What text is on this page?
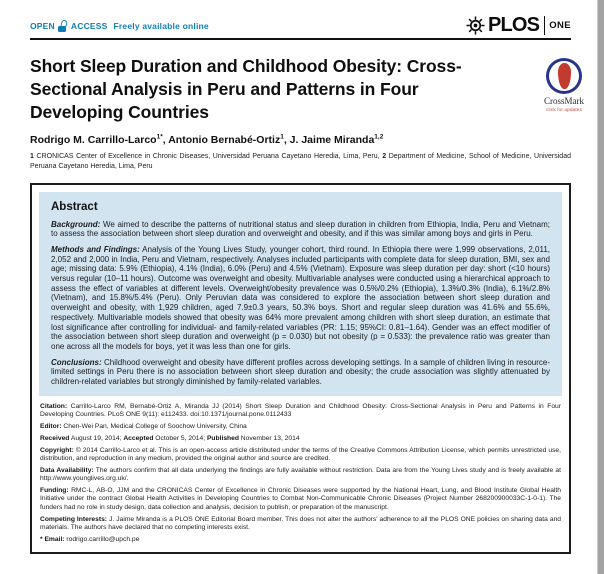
OPEN ACCESS Freely available online	PLOS ONE
Short Sleep Duration and Childhood Obesity: Cross-
Sectional Analysis in Peru and Patterns in Four
Developing Countries
Rodrigo M. Carrillo-Larco$^{1*}$, Antonio Bernabé-Ortiz$^1$, J. Jaime Miranda$^{1,2}$
1 CRONICAS Center of Excellence in Chronic Diseases, Universidad Peruana Cayetano Heredia, Lima, Peru, 2 Department of Medicine, School of Medicine, Universidad Peruana Cayetano Heredia, Lima, Peru
Abstract

Background: We aimed to describe the patterns of nutritional status and sleep duration in children from Ethiopia, India, Peru and Vietnam; to assess the association between short sleep duration and overweight and obesity, and if this was similar among boys and girls in Peru.

Methods and Findings: Analysis of the Young Lives Study, younger cohort, third round. In Ethiopia there were 1,999 observations, 2,011, 2,052 and 2,000 in India, Peru and Vietnam, respectively. Analyses included participants with complete data for sleep duration, BMI, sex and age; missing data: 5.9% (Ethiopia), 4.1% (India), 6.0% (Peru) and 4.5% (Vietnam). Exposure was sleep duration per day: short (<10 hours) versus regular (10–11 hours). Outcome was overweight and obesity. Multivariable analyses were conducted using a hierarchical approach to assess the effect of variables at different levels. Overweight/obesity prevalence was 0.5%/0.2% (Ethiopia), 1.3%/0.3% (India), 6.1%/2.8% (Vietnam), and 15.8%/5.4% (Peru). Only Peruvian data was considered to explore the association between short sleep duration and overweight and obesity, with 1,929 children, aged 7.9±0.3 years, 50.3% boys. Short and regular sleep duration was 41.6% and 55.6%, respectively. Multivariable models showed that obesity was 64% more prevalent among children with short sleep duration, an estimate that lost significance after controlling for individual- and family-related variables (PR: 1.15; 95%CI: 0.81–1.64). Gender was an effect modifier of the association between short sleep duration and overweight (p = 0.030) but not obesity (p = 0.533): the prevalence ratio was greater than one across all the models for boys, yet it was less than one for girls.

Conclusions: Childhood overweight and obesity have different profiles across developing settings. In a sample of children living in resource-limited settings in Peru there is no association between short sleep duration and obesity; the crude association was slightly attenuated by children-related variables but strongly diminished by family-related variables.

Citation: Carrillo-Larco RM, Bernabé-Ortiz A, Miranda JJ (2014) Short Sleep Duration and Childhood Obesity: Cross-Sectional Analysis in Peru and Patterns in Four Developing Countries. PLoS ONE 9(11): e112433. doi:10.1371/journal.pone.0112433

Editor: Chen-Wei Pan, Medical College of Soochow University, China

Received August 19, 2014; Accepted October 5, 2014; Published November 13, 2014

Copyright: © 2014 Carrillo-Larco et al. This is an open-access article distributed under the terms of the Creative Commons Attribution License, which permits unrestricted use, distribution, and reproduction in any medium, provided the original author and source are credited.

Data Availability: The authors confirm that all data underlying the findings are fully available without restriction. Data are from the Young Lives study and is freely available at http://www.younglives.org.uk/.

Funding: RMC-L, AB-O, JJM and the CRONICAS Center of Excellence in Chronic Diseases were supported by the National Heart, Lung, and Blood Institute Global Health Initiative under the contract Global Health Activities in Developing Countries to Combat Non-Communicable Chronic Diseases (Project Number 268200900033C-1-0-1). The funders had no role in study design, data collection and analysis, decision to publish, or preparation of the manuscript.

Competing Interests: J. Jaime Miranda is a PLOS ONE Editorial Board member. This does not alter the authors' adherence to all the PLOS ONE policies on sharing data and materials. The authors have declared that no competing interests exist.

* Email: rodrigo.carrillo@upch.pe

CrossMark
click for updates
